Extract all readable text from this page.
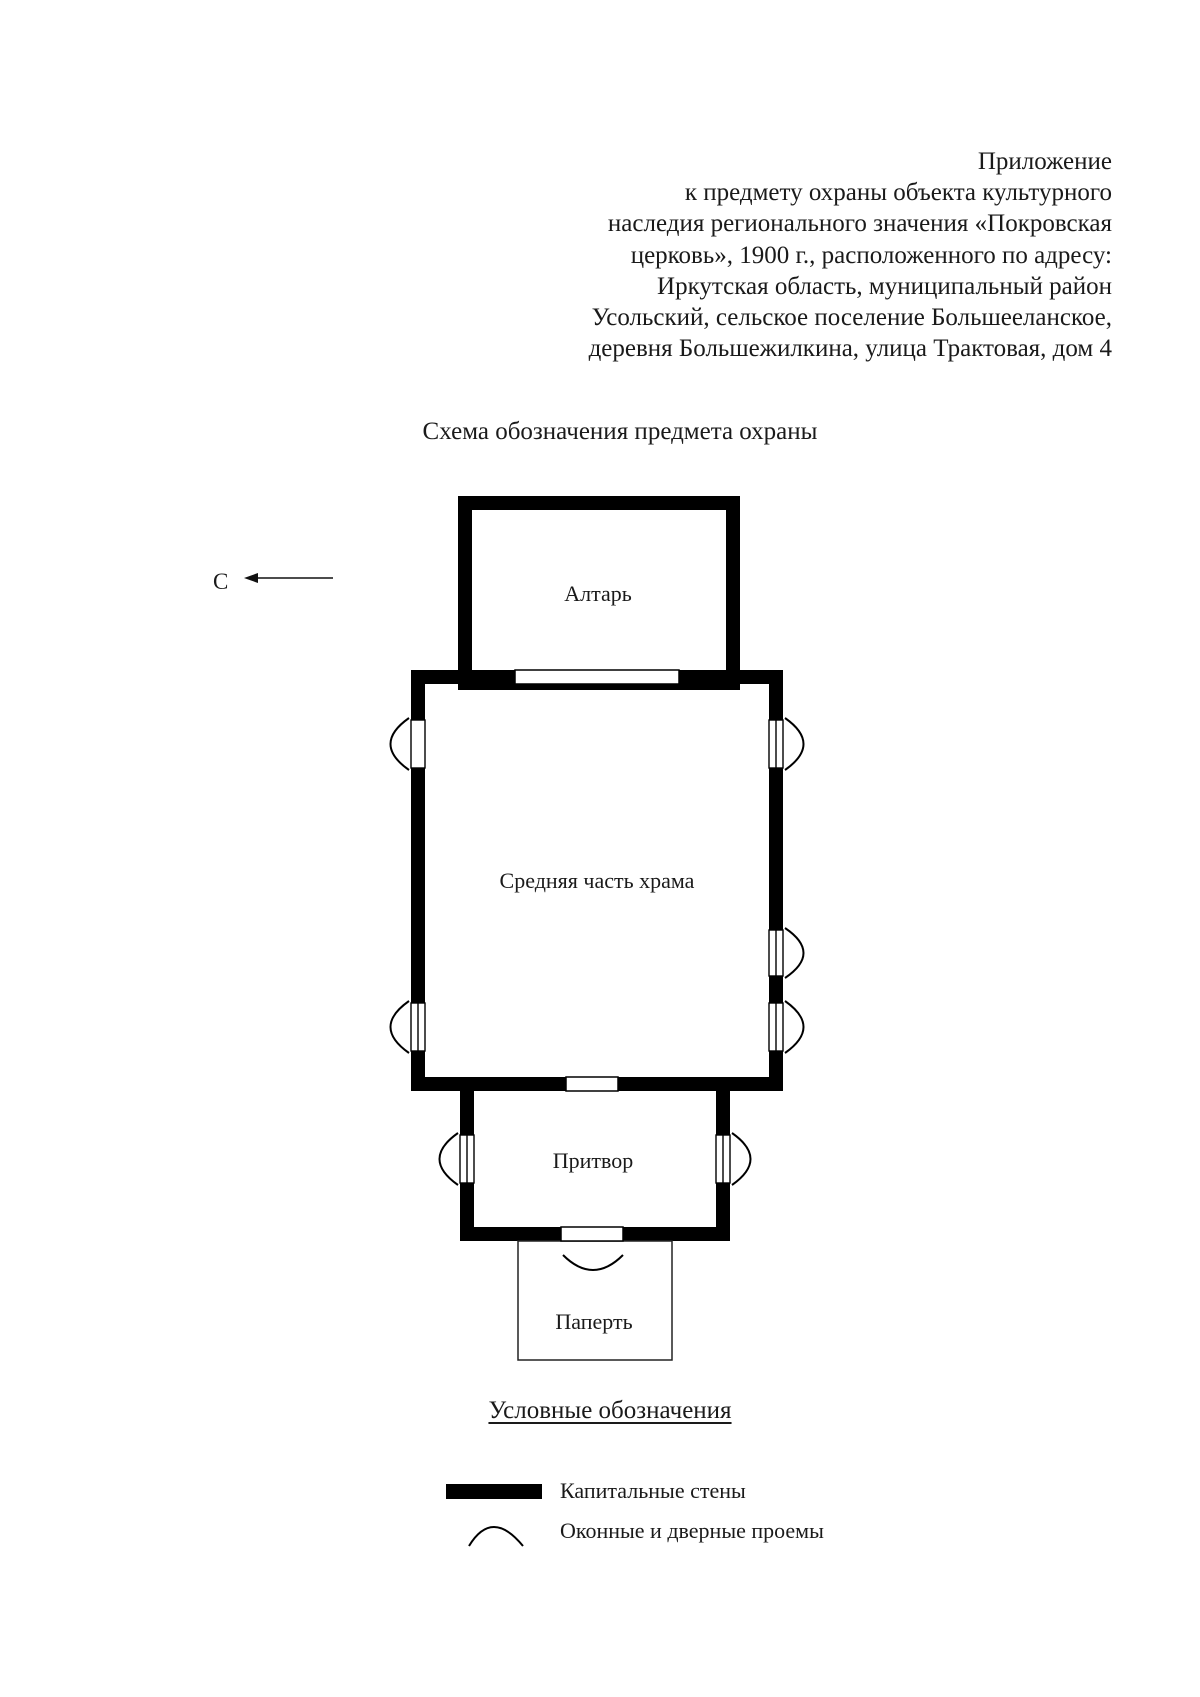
Приложение
к предмету охраны объекта культурного
наследия регионального значения «Покровская
церковь», 1900 г., расположенного по адресу:
Иркутская область, муниципальный район
Усольский, сельское поселение Большееланское,
деревня Большежилкина, улица Трактовая, дом 4
Схема обозначения предмета охраны
С	Алтарь
Средняя часть храма
Притвор
Паперть
Условные обозначения
Капитальные стены
Оконные и дверные проемы
